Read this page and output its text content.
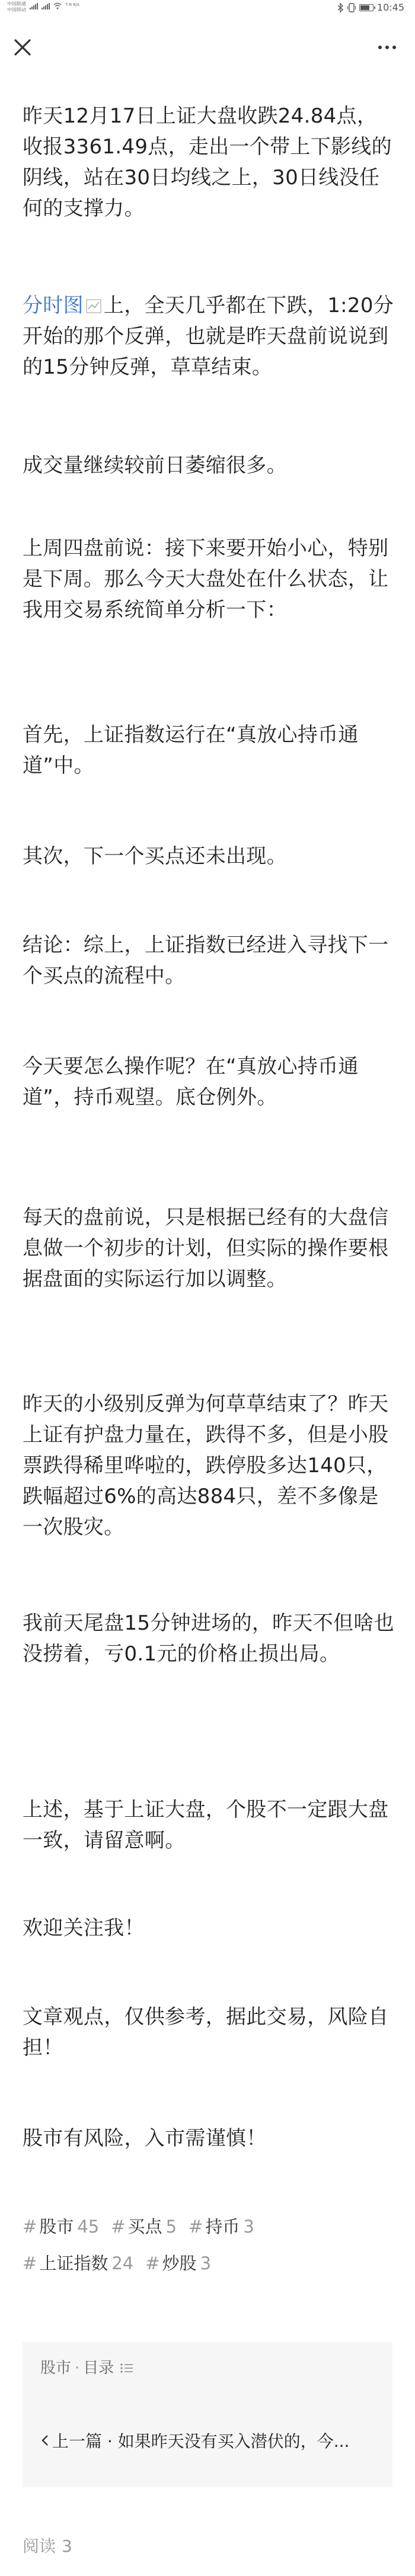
中国联通
中国移动
7.6 K/s	10:45
昨天12月17日上证大盘收跌24.84点，收报3361.49点，走出一个带上下影线的阴线，站在30日均线之上，30日线没任何的支撑力。
分时图 上，全天几乎都在下跌，1:20分开始的那个反弹，也就是昨天盘前说说到的15分钟反弹，草草结束。
成交量继续较前日萎缩很多。
上周四盘前说：接下来要开始小心，特别是下周。那么今天大盘处在什么状态，让我用交易系统简单分析一下：
首先，上证指数运行在“真放心持币通道”中。
其次，下一个买点还未出现。
结论：综上，上证指数已经进入寻找下一个买点的流程中。
今天要怎么操作呢？在“真放心持币通道”，持币观望。底仓例外。
每天的盘前说，只是根据已经有的大盘信息做一个初步的计划，但实际的操作要根据盘面的实际运行加以调整。
昨天的小级别反弹为何草草结束了？昨天上证有护盘力量在，跌得不多，但是小股票跌得稀里哗啦的，跌停股多达140只，跌幅超过6%的高达884只，差不多像是一次股灾。
我前天尾盘15分钟进场的，昨天不但啥也没捞着，亏0.1元的价格止损出局。
上述，基于上证大盘，个股不一定跟大盘一致，请留意啊。
欢迎关注我！
文章观点，仅供参考，据此交易，风险自担！
股市有风险，入市需谨慎！
# 股市 45 # 买点 5 # 持币 3
# 上证指数 24 # 炒股 3
股市 · 目录
上一篇 · 如果昨天没有买入潜伏的，今...
阅读 3
